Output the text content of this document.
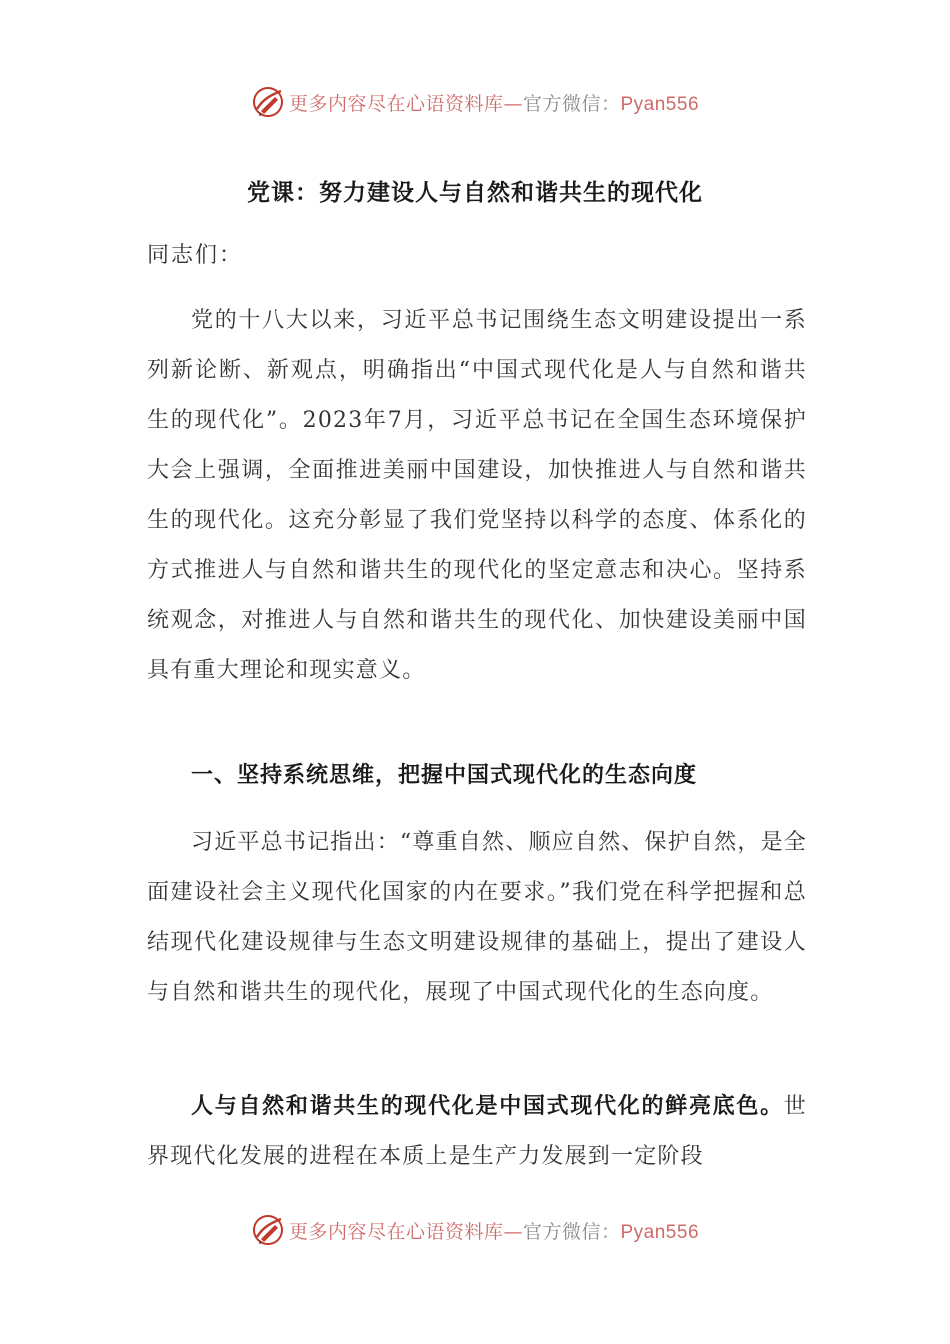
更多内容尽在心语资料库—官方微信：Pyan556
党课：努力建设人与自然和谐共生的现代化
同志们：

党的十八大以来，习近平总书记围绕生态文明建设提出一系列新论断、新观点，明确指出“中国式现代化是人与自然和谐共生的现代化”。2023年7月，习近平总书记在全国生态环境保护大会上强调，全面推进美丽中国建设，加快推进人与自然和谐共生的现代化。这充分彰显了我们党坚持以科学的态度、体系化的方式推进人与自然和谐共生的现代化的坚定意志和决心。坚持系统观念，对推进人与自然和谐共生的现代化、加快建设美丽中国具有重大理论和现实意义。

一、坚持系统思维，把握中国式现代化的生态向度

习近平总书记指出：“尊重自然、顺应自然、保护自然，是全面建设社会主义现代化国家的内在要求。”我们党在科学把握和总结现代化建设规律与生态文明建设规律的基础上，提出了建设人与自然和谐共生的现代化，展现了中国式现代化的生态向度。

人与自然和谐共生的现代化是中国式现代化的鲜亮底色。世界现代化发展的进程在本质上是生产力发展到一定阶段

更多内容尽在心语资料库—官方微信：Pyan556
